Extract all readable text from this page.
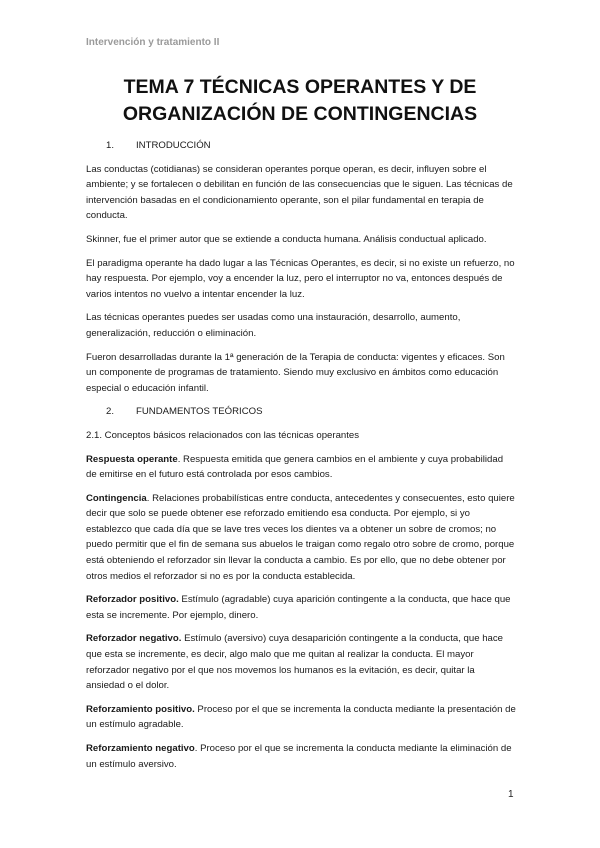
Intervención y tratamiento II
TEMA 7 TÉCNICAS OPERANTES Y DE
ORGANIZACIÓN DE CONTINGENCIAS
1. INTRODUCCIÓN

Las conductas (cotidianas) se consideran operantes porque operan, es decir, influyen sobre el ambiente; y se fortalecen o debilitan en función de las consecuencias que le siguen. Las técnicas de intervención basadas en el condicionamiento operante, son el pilar fundamental en terapia de conducta.

Skinner, fue el primer autor que se extiende a conducta humana. Análisis conductual aplicado.

El paradigma operante ha dado lugar a las Técnicas Operantes, es decir, si no existe un refuerzo, no hay respuesta. Por ejemplo, voy a encender la luz, pero el interruptor no va, entonces después de varios intentos no vuelvo a intentar encender la luz.

Las técnicas operantes puedes ser usadas como una instauración, desarrollo, aumento, generalización, reducción o eliminación.

Fueron desarrolladas durante la 1ª generación de la Terapia de conducta: vigentes y eficaces. Son un componente de programas de tratamiento. Siendo muy exclusivo en ámbitos como educación especial o educación infantil.

2. FUNDAMENTOS TEÓRICOS
2.1. Conceptos básicos relacionados con las técnicas operantes

Respuesta operante. Respuesta emitida que genera cambios en el ambiente y cuya probabilidad de emitirse en el futuro está controlada por esos cambios.

Contingencia. Relaciones probabilísticas entre conducta, antecedentes y consecuentes, esto quiere decir que solo se puede obtener ese reforzado emitiendo esa conducta. Por ejemplo, si yo establezco que cada día que se lave tres veces los dientes va a obtener un sobre de cromos; no puedo permitir que el fin de semana sus abuelos le traigan como regalo otro sobre de cromo, porque está obteniendo el reforzador sin llevar la conducta a cambio. Es por ello, que no debe obtener por otros medios el reforzador si no es por la conducta establecida.

Reforzador positivo. Estímulo (agradable) cuya aparición contingente a la conducta, que hace que esta se incremente. Por ejemplo, dinero.

Reforzador negativo. Estímulo (aversivo) cuya desaparición contingente a la conducta, que hace que esta se incremente, es decir, algo malo que me quitan al realizar la conducta. El mayor reforzador negativo por el que nos movemos los humanos es la evitación, es decir, quitar la ansiedad o el dolor.

Reforzamiento positivo. Proceso por el que se incrementa la conducta mediante la presentación de un estímulo agradable.

Reforzamiento negativo. Proceso por el que se incrementa la conducta mediante la eliminación de un estímulo aversivo.

1
